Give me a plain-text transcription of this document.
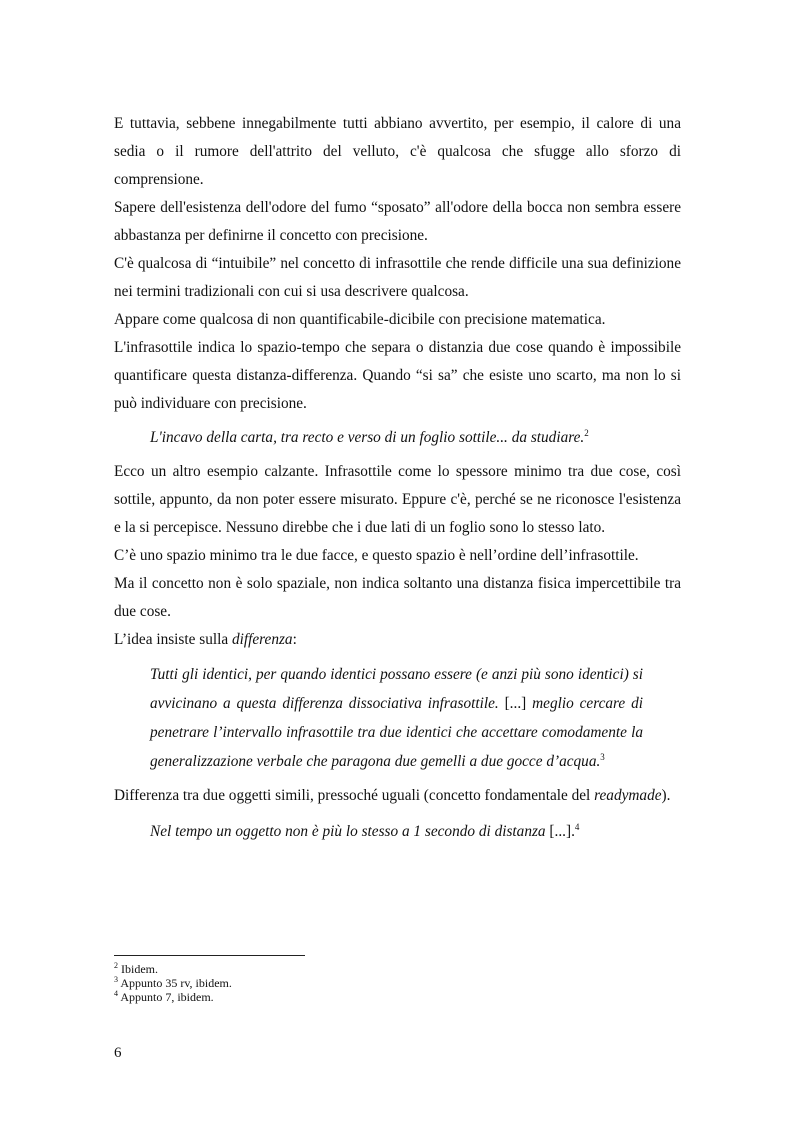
E tuttavia, sebbene innegabilmente tutti abbiano avvertito, per esempio, il calore di una sedia o il rumore dell'attrito del velluto, c'è qualcosa che sfugge allo sforzo di comprensione.

Sapere dell'esistenza dell'odore del fumo “sposato” all'odore della bocca non sembra essere abbastanza per definirne il concetto con precisione.

C'è qualcosa di “intuibile” nel concetto di infrasottile che rende difficile una sua definizione nei termini tradizionali con cui si usa descrivere qualcosa.

Appare come qualcosa di non quantificabile-dicibile con precisione matematica.

L'infrasottile indica lo spazio-tempo che separa o distanzia due cose quando è impossibile quantificare questa distanza-differenza. Quando “si sa” che esiste uno scarto, ma non lo si può individuare con precisione.

L'incavo della carta, tra recto e verso di un foglio sottile... da studiare.$^2$

Ecco un altro esempio calzante. Infrasottile come lo spessore minimo tra due cose, così sottile, appunto, da non poter essere misurato. Eppure c'è, perché se ne riconosce l'esistenza e la si percepisce. Nessuno direbbe che i due lati di un foglio sono lo stesso lato.

C’è uno spazio minimo tra le due facce, e questo spazio è nell’ordine dell’infrasottile.

Ma il concetto non è solo spaziale, non indica soltanto una distanza fisica impercettibile tra due cose.

L’idea insiste sulla differenza:

Tutti gli identici, per quando identici possano essere (e anzi più sono identici) si avvicinano a questa differenza dissociativa infrasottile. [...] meglio cercare di penetrare l’intervallo infrasottile tra due identici che accettare comodamente la generalizzazione verbale che paragona due gemelli a due gocce d’acqua.$^3$

Differenza tra due oggetti simili, pressoché uguali (concetto fondamentale del readymade).

Nel tempo un oggetto non è più lo stesso a 1 secondo di distanza [...].$^4$

$^2$ Ibidem.
$^3$ Appunto 35 rv, ibidem.
$^4$ Appunto 7, ibidem.
6
